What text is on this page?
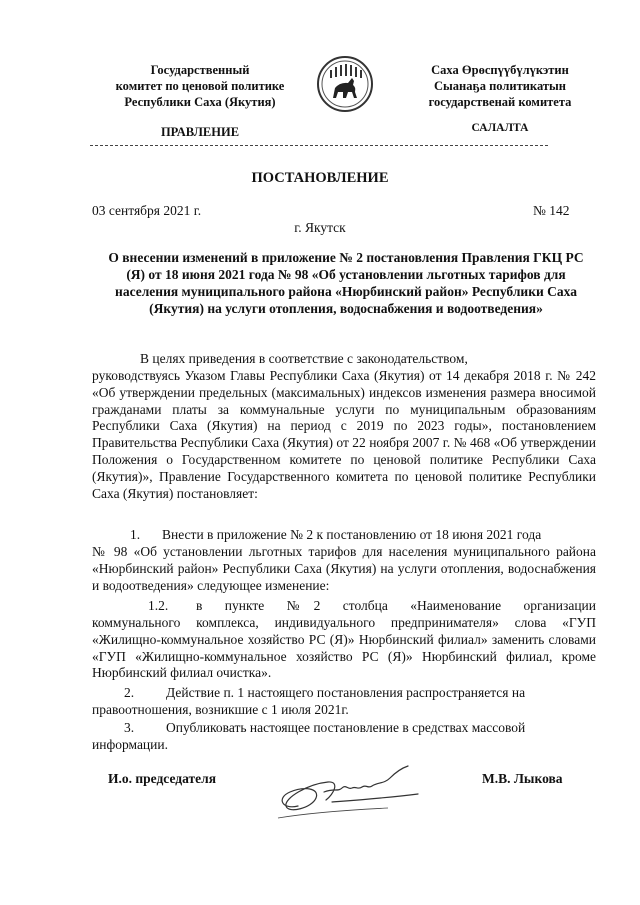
Государственный
комитет по ценовой политике
Республики Саха (Якутия)
ПРАВЛЕНИЕ
Саха Өрөспүүбүлүкэтин
Сыанаҕа политикатын
государственай комитета
САЛАЛТА
ПОСТАНОВЛЕНИЕ
03 сентября 2021 г.	№ 142
г. Якутск
О внесении изменений в приложение № 2 постановления Правления ГКЦ РС (Я) от 18 июня 2021 года № 98 «Об установлении льготных тарифов для населения муниципального района «Нюрбинский район» Республики Саха (Якутия) на услуги отопления, водоснабжения и водоотведения»
В целях приведения в соответствие с законодательством,
руководствуясь Указом Главы Республики Саха (Якутия) от 14 декабря 2018 г. № 242 «Об утверждении предельных (максимальных) индексов изменения размера вносимой гражданами платы за коммунальные услуги по муниципальным образованиям Республики Саха (Якутия) на период с 2019 по 2023 годы», постановлением Правительства Республики Саха (Якутия) от 22 ноября 2007 г. № 468 «Об утверждении Положения о Государственном комитете по ценовой политике Республики Саха (Якутия)», Правление Государственного комитета по ценовой политике Республики Саха (Якутия) постановляет:
1. Внести в приложение № 2 к постановлению от 18 июня 2021 года
№ 98 «Об установлении льготных тарифов для населения муниципального района «Нюрбинский район» Республики Саха (Якутия) на услуги отопления, водоснабжения и водоотведения» следующее изменение:
1.2. в пункте №2 столбца «Наименование организации
коммунального комплекса, индивидуального предпринимателя» слова «ГУП «Жилищно-коммунальное хозяйство РС (Я)» Нюрбинский филиал» заменить словами «ГУП «Жилищно-коммунальное хозяйство РС (Я)» Нюрбинский филиал, кроме Нюрбинский филиал очистка».
2. Действие п. 1 настоящего постановления распространяется на
правоотношения, возникшие с 1 июля 2021г.
3. Опубликовать настоящее постановление в средствах массовой
информации.
И.о. председателя	М.В. Лыкова
